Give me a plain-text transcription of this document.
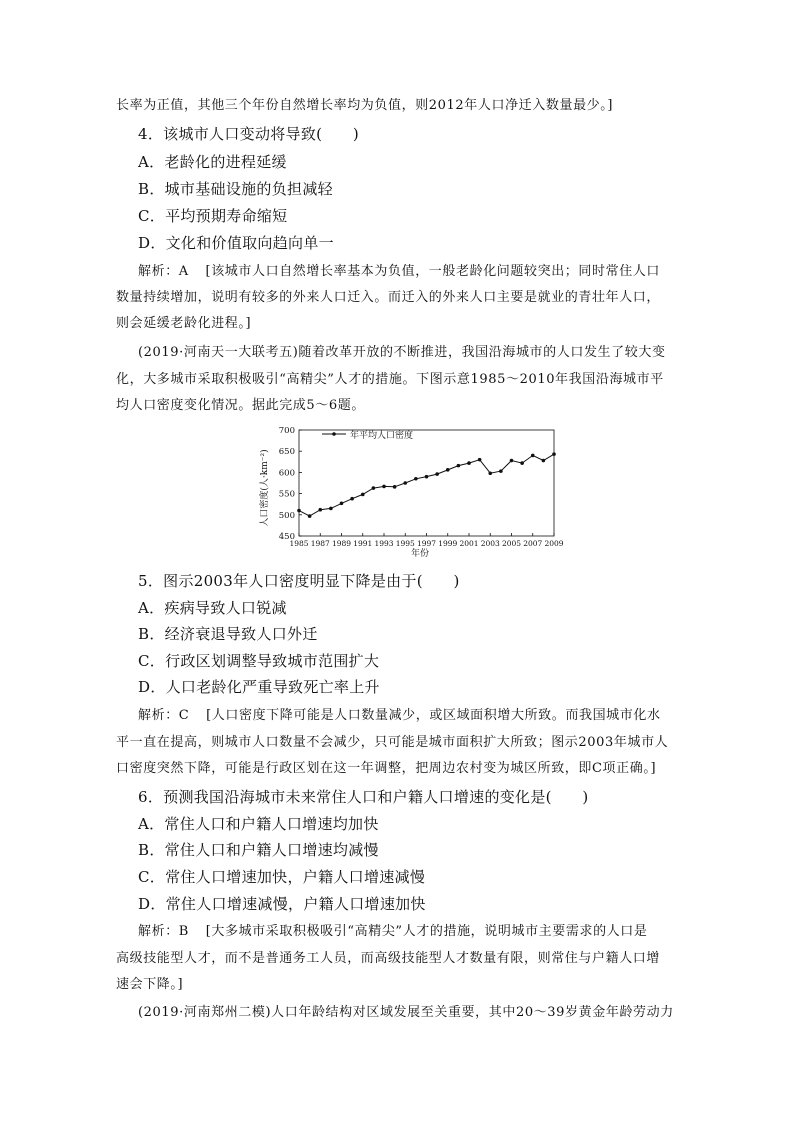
长率为正值，其他三个年份自然增长率均为负值，则2012年人口净迁入数量最少。]
4．该城市人口变动将导致(　　)
A．老龄化的进程延缓
B．城市基础设施的负担减轻
C．平均预期寿命缩短
D．文化和价值取向趋向单一
解析：A [该城市人口自然增长率基本为负值，一般老龄化问题较突出；同时常住人口
数量持续增加，说明有较多的外来人口迁入。而迁入的外来人口主要是就业的青壮年人口，
则会延缓老龄化进程。]
(2019·河南天一大联考五)随着改革开放的不断推进，我国沿海城市的人口发生了较大变
化，大多城市采取积极吸引“高精尖”人才的措施。下图示意1985～2010年我国沿海城市平
均人口密度变化情况。据此完成5～6题。
450
500
550
600
650
700
1985 1987 1989 1991 1993 1995 1997 1999 2001 2003 2005 2007 2009
年平均人口密度
人口密度(人·km⁻²)
年份
5．图示2003年人口密度明显下降是由于(　　)
A．疾病导致人口锐减
B．经济衰退导致人口外迁
C．行政区划调整导致城市范围扩大
D．人口老龄化严重导致死亡率上升
解析：C [人口密度下降可能是人口数量减少，或区域面积增大所致。而我国城市化水
平一直在提高，则城市人口数量不会减少，只可能是城市面积扩大所致；图示2003年城市人
口密度突然下降，可能是行政区划在这一年调整，把周边农村变为城区所致，即C项正确。]
6．预测我国沿海城市未来常住人口和户籍人口增速的变化是(　　)
A．常住人口和户籍人口增速均加快
B．常住人口和户籍人口增速均减慢
C．常住人口增速加快，户籍人口增速减慢
D．常住人口增速减慢，户籍人口增速加快
解析：B [大多城市采取积极吸引“高精尖”人才的措施，说明城市主要需求的人口是
高级技能型人才，而不是普通务工人员，而高级技能型人才数量有限，则常住与户籍人口增
速会下降。]
(2019·河南郑州二模)人口年龄结构对区域发展至关重要，其中20～39岁黄金年龄劳动力
